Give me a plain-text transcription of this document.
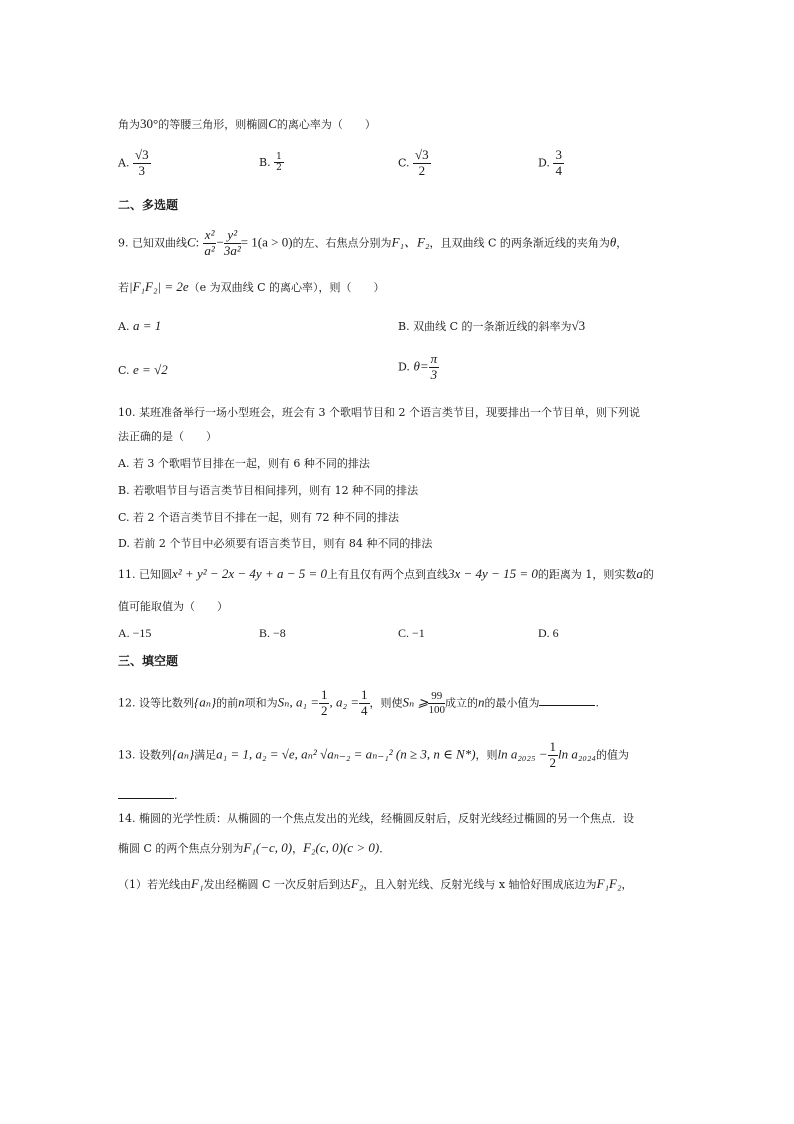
角为30°的等腰三角形，则椭圆C的离心率为（　　）
A. $\frac{√3}{3}$	B. $\frac{1}{2}$	C. $\frac{√3}{2}$	D. $\frac{3}{4}$
二、多选题
9. 已知双曲线C: $\frac{\text{x²}}{\text{a²}} - \frac{\text{y²}}{\text{3a²}} = 1(a > 0)$的左、右焦点分别为F₁、F₂，且双曲线 C 的两条渐近线的夹角为θ，
若|F₁F₂| = 2e（e 为双曲线 C 的离心率），则（　　）
A. a = 1	B. 双曲线 C 的一条渐近线的斜率为√3
C. e = √2	D. $\theta= \frac{\pi}{3}$
10. 某班准备举行一场小型班会，班会有 3 个歌唱节目和 2 个语言类节目，现要排出一个节目单，则下列说
法正确的是（　　）
A. 若 3 个歌唱节目排在一起，则有 6 种不同的排法
B. 若歌唱节目与语言类节目相间排列，则有 12 种不同的排法
C. 若 2 个语言类节目不排在一起，则有 72 种不同的排法
D. 若前 2 个节目中必须要有语言类节目，则有 84 种不同的排法
11. 已知圆x² + y² − 2x − 4y + a − 5 = 0上有且仅有两个点到直线3x − 4y − 15 = 0的距离为 1，则实数a的
值可能取值为（　　）
A. −15	B. −8	C. −1	D. 6
三、填空题
12. 设等比数列{aₙ}的前n项和为Sₙ, $a_1 = \frac{1}{2}$ , $a_2 = \frac{1}{4}$ ，则使Sₙ ⩾ $\frac{99}{100}$ 成立的n的最小值为	.
13. 设数列{aₙ}满足a₁ = 1, a₂ = √e, aₙ² √aₙ₋₂ = aₙ₋₁² (n ≥ 3, n ∈ N*)，则$\ln a_{2025} - \frac{1}{2}$ ln a₂₀₂₄的值为
.
14. 椭圆的光学性质：从椭圆的一个焦点发出的光线，经椭圆反射后，反射光线经过椭圆的另一个焦点．设
椭圆 C 的两个焦点分别为F₁(−c, 0)，F₂(c, 0)(c > 0)．
（1）若光线由F₁发出经椭圆 C 一次反射后到达F₂，且入射光线、反射光线与 x 轴恰好围成底边为F₁F₂，
